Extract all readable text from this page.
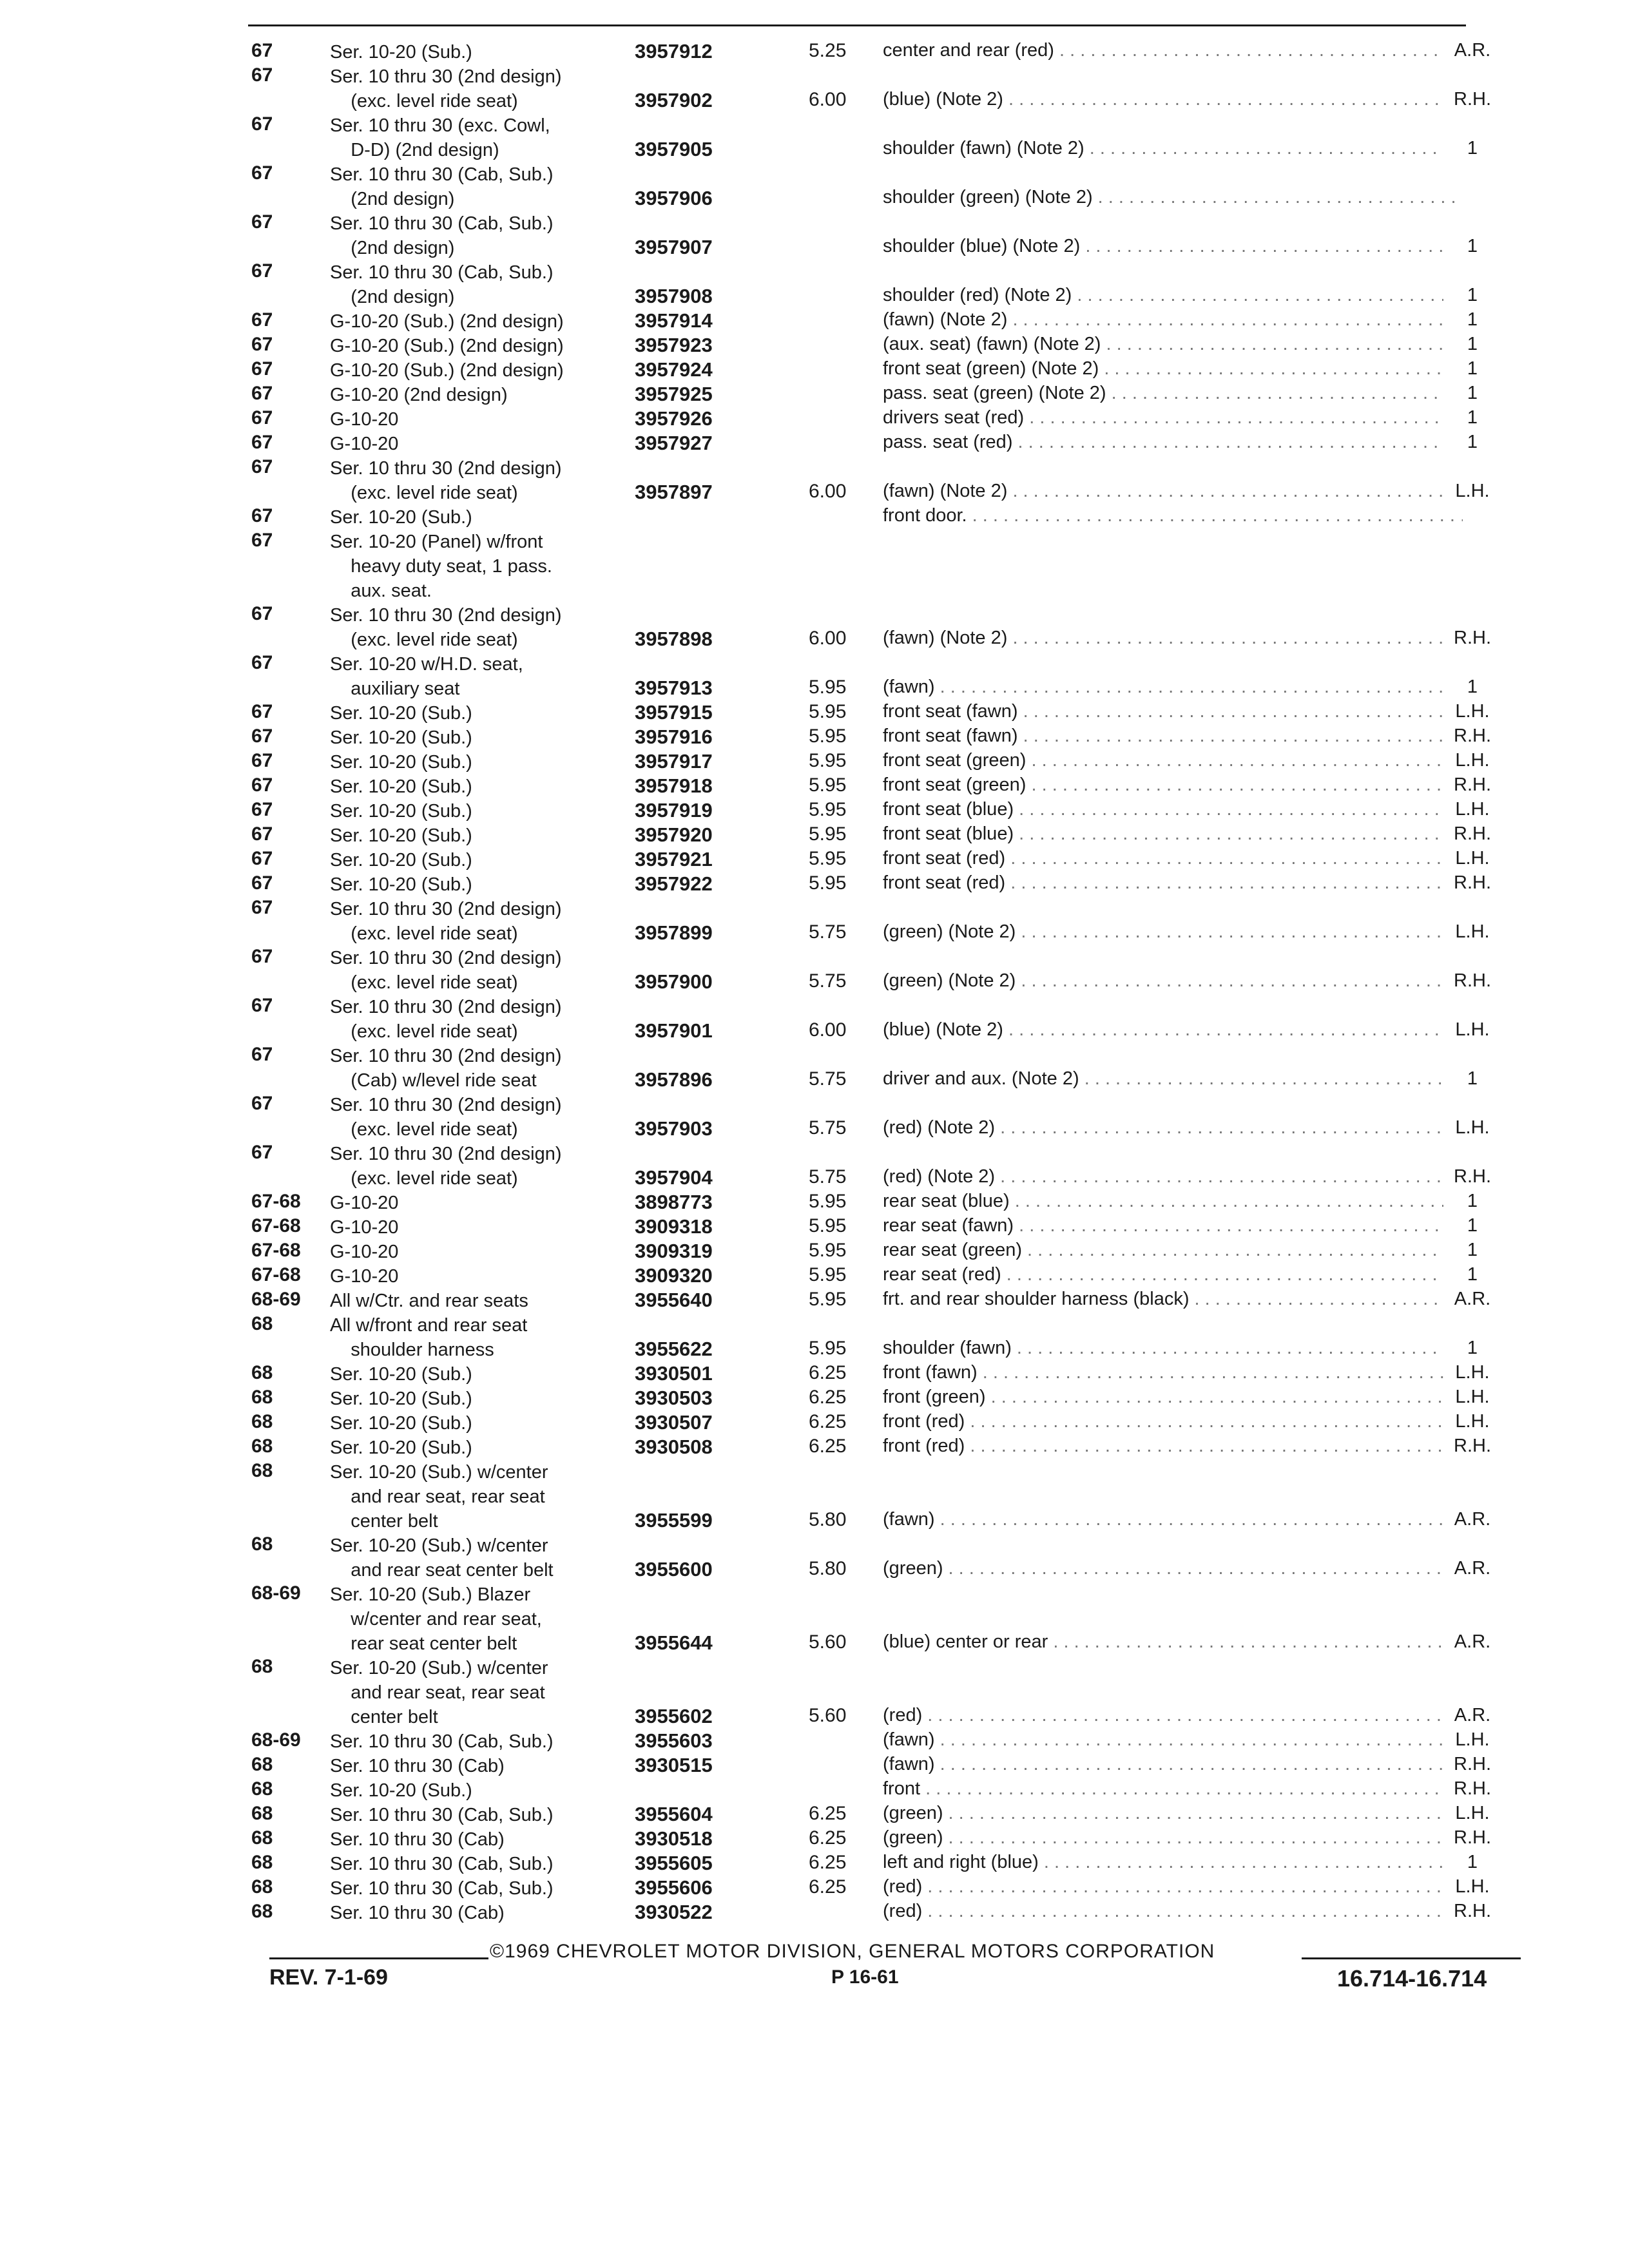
67	Ser. 10-20 (Sub.)	3957912	5.25 center and rear (red) . . .	A.R.
67	Ser. 10 thru 30 (2nd design)
(exc. level ride seat)	3957902	6.00 (blue) (Note 2) . . .	R.H.
67	Ser. 10 thru 30 (exc. Cowl,
D-D) (2nd design)	3957905	shoulder (fawn) (Note 2) . . .	1
67	Ser. 10 thru 30 (Cab, Sub.)
(2nd design)	3957906	shoulder (green) (Note 2) . . .
67	Ser. 10 thru 30 (Cab, Sub.)
(2nd design)	3957907	shoulder (blue) (Note 2) . . .	1
67	Ser. 10 thru 30 (Cab, Sub.)
(2nd design)	3957908	shoulder (red) (Note 2) . . .	1
67	G-10-20 (Sub.) (2nd design)	3957914	(fawn) (Note 2) . . .	1
67	G-10-20 (Sub.) (2nd design)	3957923	(aux. seat) (fawn) (Note 2) . . .	1
67	G-10-20 (Sub.) (2nd design)	3957924	front seat (green) (Note 2) . . .	1
67	G-10-20 (2nd design)	3957925	pass. seat (green) (Note 2) . . .	1
67	G-10-20	3957926	drivers seat (red) . . .	1
67	G-10-20	3957927	pass. seat (red) . . .	1
67	Ser. 10 thru 30 (2nd design)
(exc. level ride seat)	3957897	6.00 (fawn) (Note 2) . . .	L.H.
67	Ser. 10-20 (Sub.)	front door. . . .
67	Ser. 10-20 (Panel) w/front
heavy duty seat, 1 pass.
aux. seat.
67	Ser. 10 thru 30 (2nd design)
(exc. level ride seat)	3957898	6.00 (fawn) (Note 2) . . .	R.H.
67	Ser. 10-20 w/H.D. seat,
auxiliary seat	3957913	5.95 (fawn) . . .	1
67	Ser. 10-20 (Sub.)	3957915	5.95 front seat (fawn) . . .	L.H.
67	Ser. 10-20 (Sub.)	3957916	5.95 front seat (fawn) . . .	R.H.
67	Ser. 10-20 (Sub.)	3957917	5.95 front seat (green) . . .	L.H.
67	Ser. 10-20 (Sub.)	3957918	5.95 front seat (green) . . .	R.H.
67	Ser. 10-20 (Sub.)	3957919	5.95 front seat (blue) . . .	L.H.
67	Ser. 10-20 (Sub.)	3957920	5.95 front seat (blue) . . .	R.H.
67	Ser. 10-20 (Sub.)	3957921	5.95 front seat (red) . . .	L.H.
67	Ser. 10-20 (Sub.)	3957922	5.95 front seat (red) . . .	R.H.
67	Ser. 10 thru 30 (2nd design)
(exc. level ride seat)	3957899	5.75 (green) (Note 2) . . .	L.H.
67	Ser. 10 thru 30 (2nd design)
(exc. level ride seat)	3957900	5.75 (green) (Note 2) . . .	R.H.
67	Ser. 10 thru 30 (2nd design)
(exc. level ride seat)	3957901	6.00 (blue) (Note 2) . . .	L.H.
67	Ser. 10 thru 30 (2nd design)
(Cab) w/level ride seat	3957896	5.75 driver and aux. (Note 2) . . .	1
67	Ser. 10 thru 30 (2nd design)
(exc. level ride seat)	3957903	5.75 (red) (Note 2) . . .	L.H.
67	Ser. 10 thru 30 (2nd design)
(exc. level ride seat)	3957904	5.75 (red) (Note 2) . . .	R.H.
67-68 G-10-20	3898773	5.95 rear seat (blue) . . .	1
67-68 G-10-20	3909318	5.95 rear seat (fawn) . . .	1
67-68 G-10-20	3909319	5.95 rear seat (green) . . .	1
67-68 G-10-20	3909320	5.95 rear seat (red) . . .	1
68-69 All w/Ctr. and rear seats	3955640	5.95 frt. and rear shoulder harness (black) . . .	A.R.
68	All w/front and rear seat
shoulder harness	3955622	5.95 shoulder (fawn) . . .	1
68	Ser. 10-20 (Sub.)	3930501	6.25 front (fawn) . . .	L.H.
68	Ser. 10-20 (Sub.)	3930503	6.25 front (green) . . .	L.H.
68	Ser. 10-20 (Sub.)	3930507	6.25 front (red) . . .	L.H.
68	Ser. 10-20 (Sub.)	3930508	6.25 front (red) . . .	R.H.
68	Ser. 10-20 (Sub.) w/center
and rear seat, rear seat
center belt	3955599	5.80 (fawn) . . .	A.R.
68	Ser. 10-20 (Sub.) w/center
and rear seat center belt	3955600	5.80 (green) . . .	A.R.
68-69 Ser. 10-20 (Sub.) Blazer
w/center and rear seat,
rear seat center belt	3955644	5.60 (blue) center or rear . . .	A.R.
68	Ser. 10-20 (Sub.) w/center
and rear seat, rear seat
center belt	3955602	5.60 (red) . . .	A.R.
68-69 Ser. 10 thru 30 (Cab, Sub.)	3955603	(fawn) . . .	L.H.
68	Ser. 10 thru 30 (Cab)	3930515	(fawn) . . .	R.H.
68	Ser. 10-20 (Sub.)	front . . .	R.H.
68	Ser. 10 thru 30 (Cab, Sub.)	3955604	6.25 (green) . . .	L.H.
68	Ser. 10 thru 30 (Cab)	3930518	6.25 (green) . . .	R.H.
68	Ser. 10 thru 30 (Cab, Sub.)	3955605	6.25 left and right (blue) . . .	1
68	Ser. 10 thru 30 (Cab, Sub.)	3955606	6.25 (red) . . .	L.H.
68	Ser. 10 thru 30 (Cab)	3930522	(red) . . .	R.H.
©1969 CHEVROLET MOTOR DIVISION, GENERAL MOTORS CORPORATION
REV. 7-1-69	P 16-61	16.714-16.714
